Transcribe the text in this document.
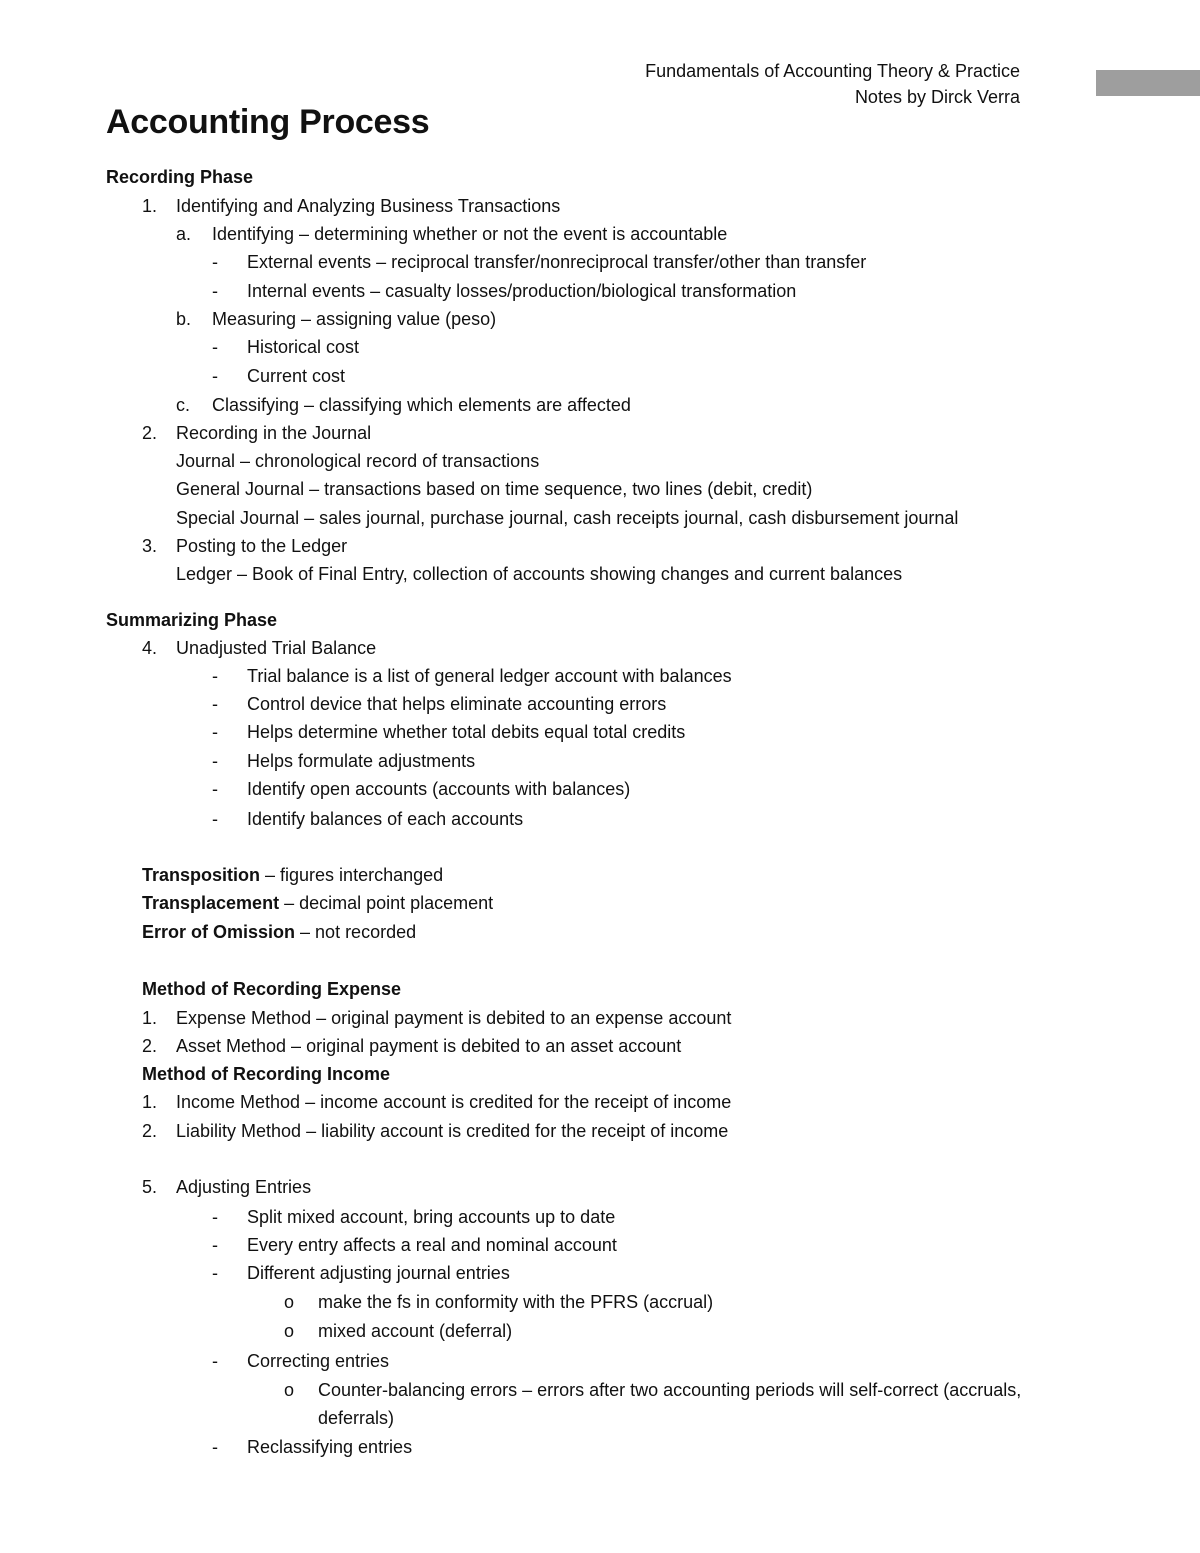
Fundamentals of Accounting Theory & Practice
Notes by Dirck Verra
Accounting Process
Recording Phase
1. Identifying and Analyzing Business Transactions
a. Identifying – determining whether or not the event is accountable
- External events – reciprocal transfer/nonreciprocal transfer/other than transfer
- Internal events – casualty losses/production/biological transformation
b. Measuring – assigning value (peso)
- Historical cost
- Current cost
c. Classifying – classifying which elements are affected
2. Recording in the Journal
Journal – chronological record of transactions
General Journal – transactions based on time sequence, two lines (debit, credit)
Special Journal – sales journal, purchase journal, cash receipts journal, cash disbursement journal
3. Posting to the Ledger
Ledger – Book of Final Entry, collection of accounts showing changes and current balances
Summarizing Phase
4. Unadjusted Trial Balance
- Trial balance is a list of general ledger account with balances
- Control device that helps eliminate accounting errors
- Helps determine whether total debits equal total credits
- Helps formulate adjustments
- Identify open accounts (accounts with balances)
- Identify balances of each accounts
Transposition – figures interchanged
Transplacement – decimal point placement
Error of Omission – not recorded
Method of Recording Expense
1. Expense Method – original payment is debited to an expense account
2. Asset Method – original payment is debited to an asset account
Method of Recording Income
1. Income Method – income account is credited for the receipt of income
2. Liability Method – liability account is credited for the receipt of income
5. Adjusting Entries
- Split mixed account, bring accounts up to date
- Every entry affects a real and nominal account
- Different adjusting journal entries
o make the fs in conformity with the PFRS (accrual)
o mixed account (deferral)
- Correcting entries
o Counter-balancing errors – errors after two accounting periods will self-correct (accruals,
deferrals)
- Reclassifying entries
